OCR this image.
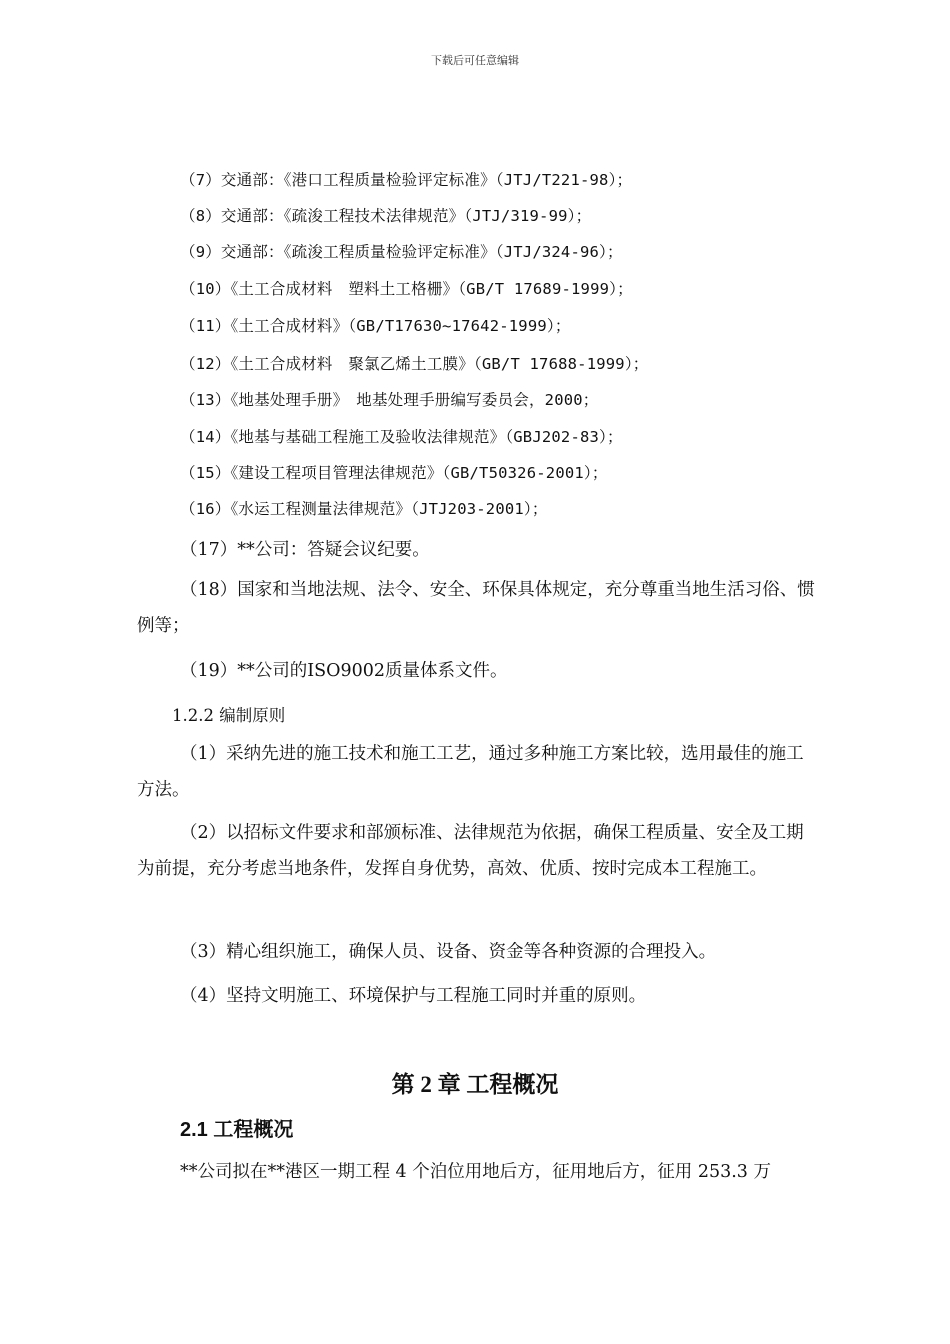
下载后可任意编辑
（7）交通部：《港口工程质量检验评定标准》（JTJ/T221-98）；
（8）交通部：《疏浚工程技术法律规范》（JTJ/319-99）；
（9）交通部：《疏浚工程质量检验评定标准》（JTJ/324-96）；
（10）《土工合成材料　塑料土工格栅》（GB/T 17689-1999）；
（11）《土工合成材料》（GB/T17630~17642-1999）；
（12）《土工合成材料　聚氯乙烯土工膜》（GB/T 17688-1999）；
（13）《地基处理手册》　地基处理手册编写委员会，2000；
（14）《地基与基础工程施工及验收法律规范》（GBJ202-83）；
（15）《建设工程项目管理法律规范》（GB/T50326-2001）；
（16）《水运工程测量法律规范》（JTJ203-2001）；
（17）**公司：答疑会议纪要。
（18）国家和当地法规、法令、安全、环保具体规定，充分尊重当地生活习俗、惯例等；
（19）**公司的ISO9002质量体系文件。
1.2.2 编制原则
（1）采纳先进的施工技术和施工工艺，通过多种施工方案比较，选用最佳的施工方法。
（2）以招标文件要求和部颁标准、法律规范为依据，确保工程质量、安全及工期为前提，充分考虑当地条件，发挥自身优势，高效、优质、按时完成本工程施工。
（3）精心组织施工，确保人员、设备、资金等各种资源的合理投入。
（4）坚持文明施工、环境保护与工程施工同时并重的原则。
第 2 章 工程概况
2.1 工程概况
**公司拟在**港区一期工程 4 个泊位用地后方，征用地后方，征用 253.3 万
